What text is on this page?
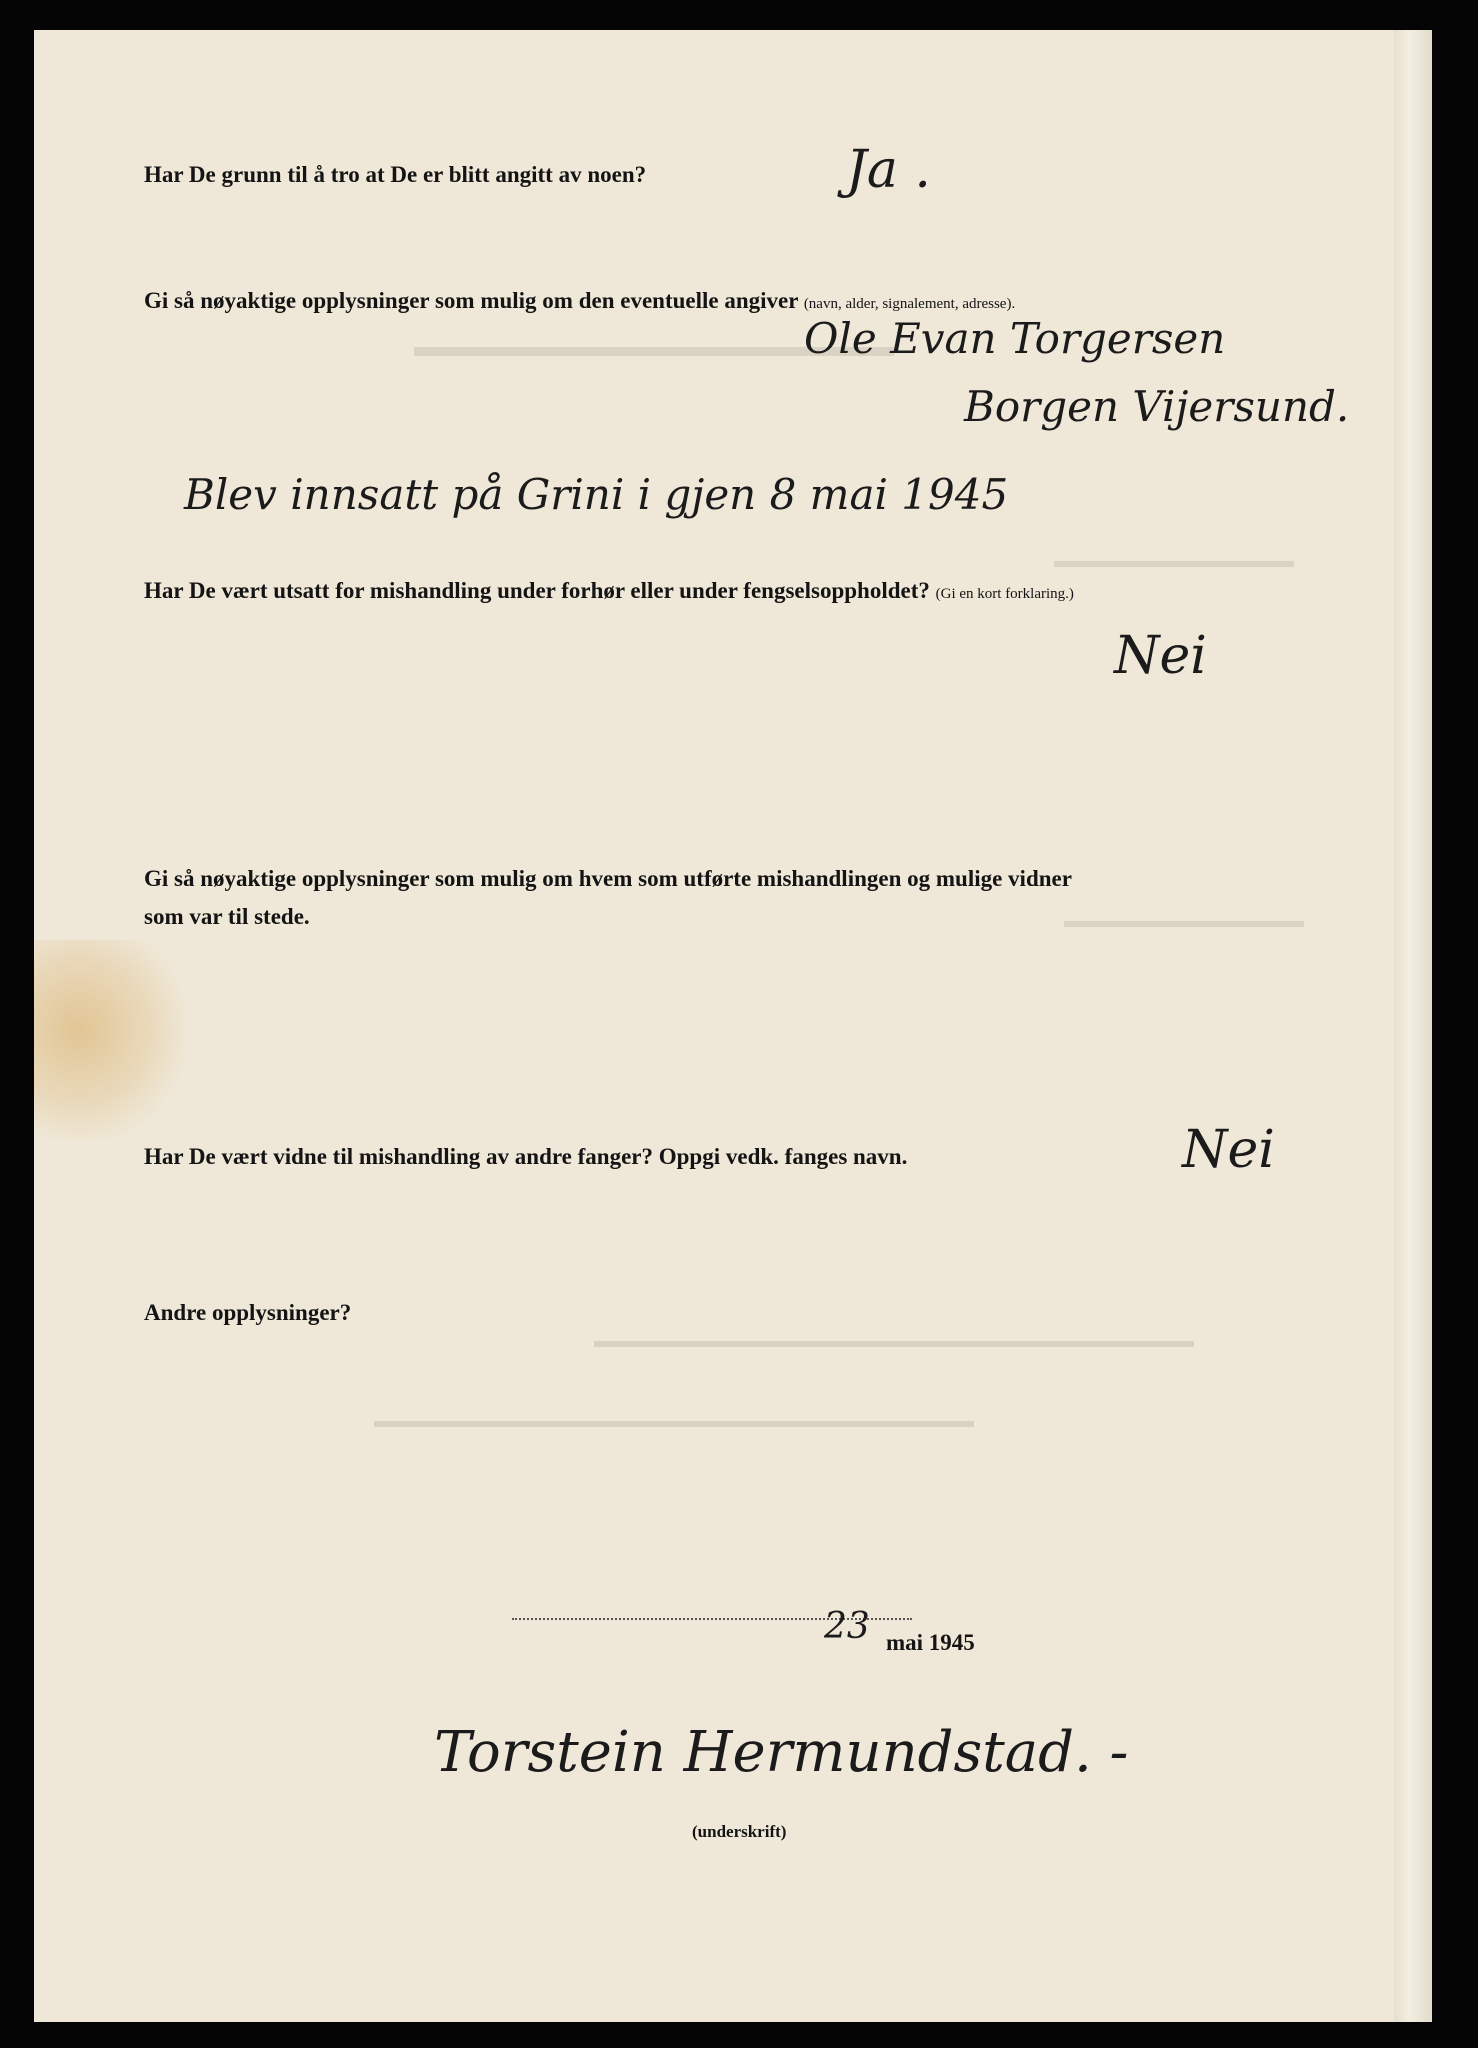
▬▬▬▬▬▬▬▬▬▬▬▬▬▬▬▬
▬▬▬▬▬▬▬▬▬▬▬▬
▬▬▬▬▬▬▬▬▬▬▬▬
▬▬▬▬▬▬▬▬▬▬▬▬▬▬▬▬▬▬▬▬▬▬▬▬▬▬▬▬▬▬
▬▬▬▬▬▬▬▬▬▬▬▬▬▬▬▬▬▬▬▬▬▬▬▬▬▬▬▬▬▬

Har De grunn til å tro at De er blitt angitt av noen?	Ja .

Gi så nøyaktige opplysninger som mulig om den eventuelle angiver (navn, alder, signalement, adresse).

Ole Evan Torgersen

Borgen Vijersund.

Blev innsatt på Grini i gjen 8 mai 1945

Har De vært utsatt for mishandling under forhør eller under fengselsoppholdet? (Gi en kort forklaring.)

Nei

Gi så nøyaktige opplysninger som mulig om hvem som utførte mishandlingen og mulige vidner

som var til stede.

Har De vært vidne til mishandling av andre fanger? Oppgi vedk. fanges navn.	Nei

Andre opplysninger?

23 mai 1945

Torstein Hermundstad. -

(underskrift)
